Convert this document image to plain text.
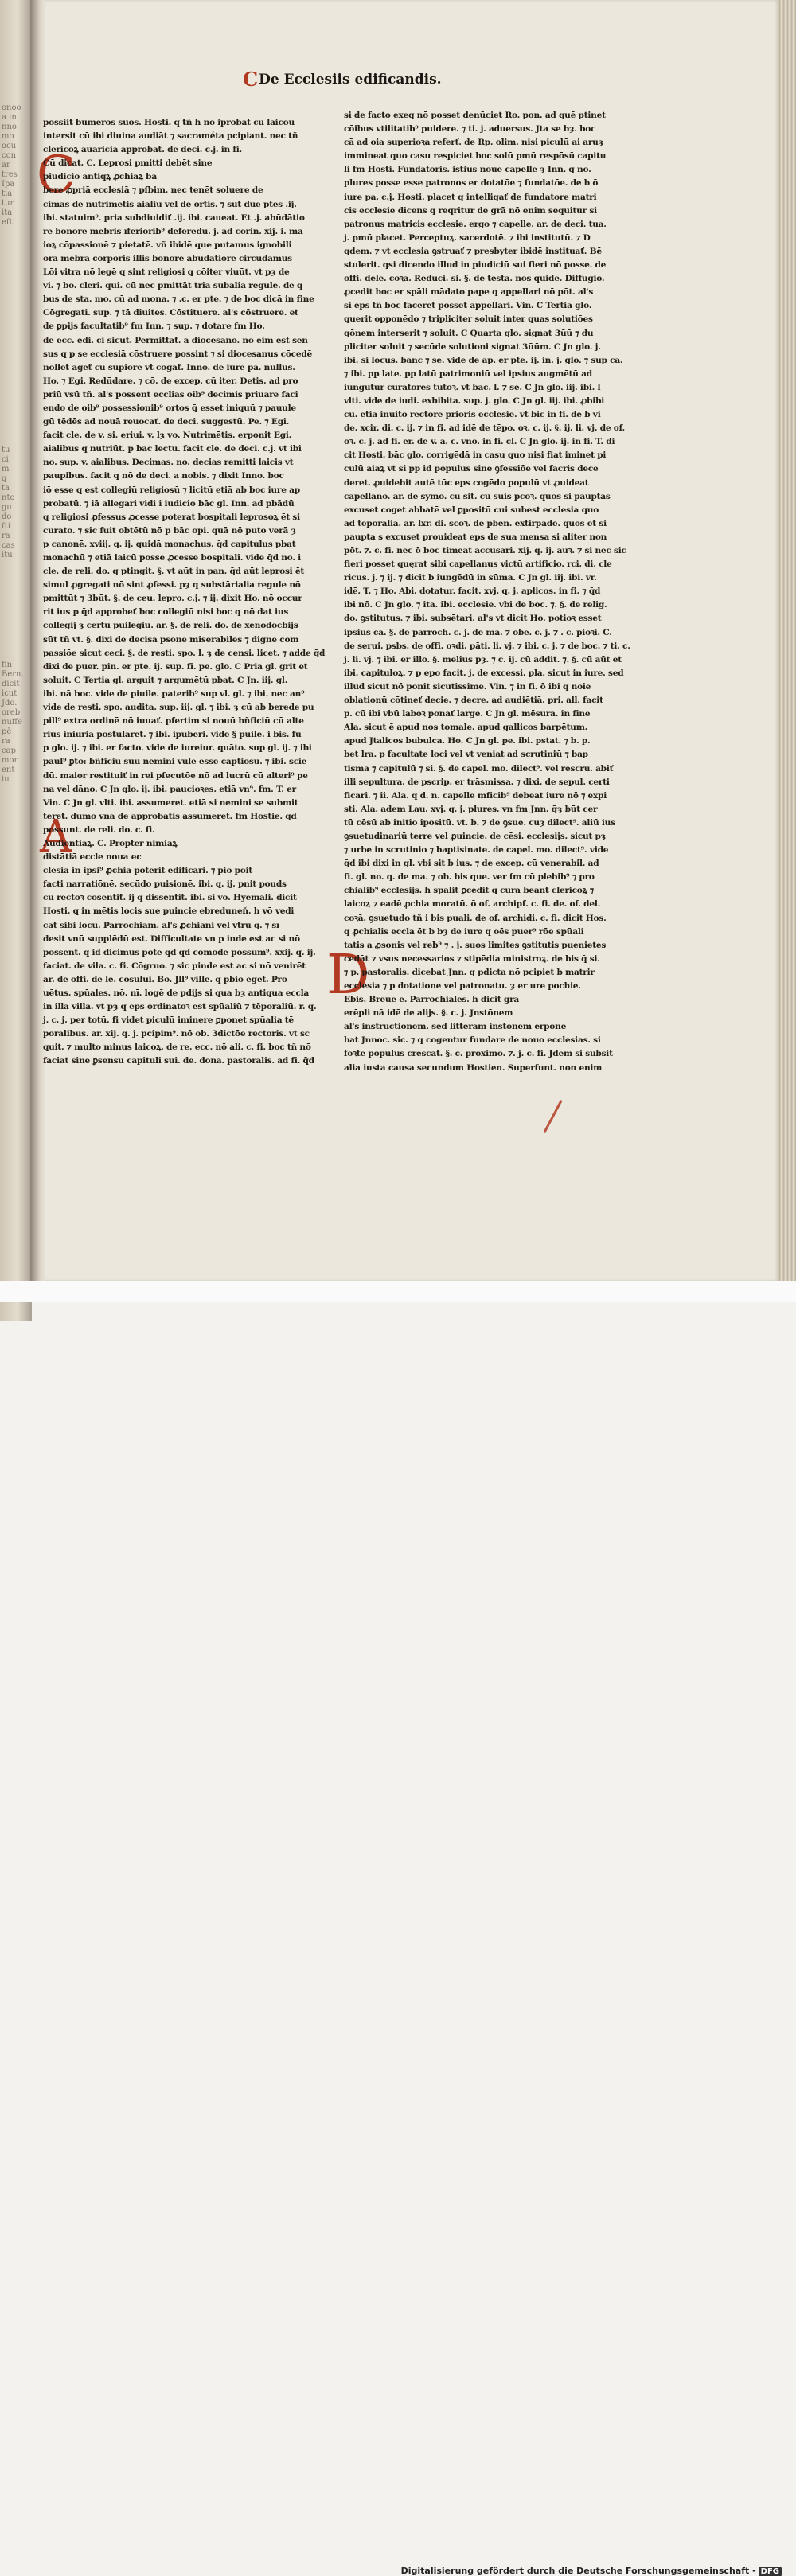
onoo
a in
nno
mo
ocu
con
ar
tres
Ipa
tia
tur
ita
eft
tu
ci
m
q
ta
nto
gu
do
fti
ra
cas
itu
fin
Bern.
dicit
icut
Jdo.
oreb
nuffe
pē
ra
cap
mor
ent
iu
CDe Ecclesiis edificandis.
C
A
D
possiit bumeros suos. Hosti. q tñ h nō iprobat cū laicou
intersit cū ibi diuina audiāt ⁊ sacraméta pcipiant. nec tñ
clericoꝝ auariciā approbat. de deci. c.j. in fi.
Cū dicat. C. Leprosi pmitti debēt sine
piudicio antiqꝝ ꝓchiaꝝ ba
bere ꝓpriā ecclesiā ⁊ pſbim. nec tenēt soluere de
cimas de nutrimētis aialiū vel de ortis. ⁊ sūt due ptes .ij.
ibi. statuim⁹. pria subdiuidiť .ij. ibi. caueat. Et .j. abūdātio
rē bonore mēbris īferiorib⁹ deferēdū. j. ad corin. xij. i. ma
ioꝝ cōpassionē ⁊ pietatē. vñ ibidē que putamus ignobili
ora mēbra corporis illis bonorē abūdātiorē circūdamus
Lōi vitra nō legē q sint religiosi q cōiter viuūt. vt pȝ de
vi. ⁊ bo. cleri. qui. cū nec pmittāt tria subalia regule. de q
bus de sta. mo. cū ad mona. ⁊ .c. er pte. ⁊ de boc dicā in fine
Cōgregati. sup. ⁊ tā diuites. Cōstituere. al's cōstruere. et
de ꝑpijs facultatib⁹ fm Inn. ⁊ sup. ⁊ dotare fm Ho.
de ecc. edi. ci sicut. Permittať. a diocesano. nō eim est sen
sus q p se ecclesiā cōstruere possint ⁊ si diocesanus cōcedē
nollet ageť cū supiore vt cogať. Inno. de iure pa. nullus.
Ho. ⁊ Egi. Redūdare. ⁊ cō. de excep. cū iter. Detis. ad pro
priū vsū tñ. al's possent ecclias oib⁹ decimis priuare faci
endo de oib⁹ possessionib⁹ ortos q̄ esset iniquū ⁊ pauule
gū tēdēs ad nouā reuocať. de deci. suggestū. Pe. ⁊ Egi.
facit cle. de v. si. eriui. v. lȝ vo. Nutrimētis. erponit Egi.
aialibus q nutriūt. p bac lectu. facit cle. de deci. c.j. vt ibi
no. sup. v. aialibus. Decimas. no. decias remitti laicis vt
paupibus. facit q nō de deci. a nobis. ⁊ dixit Inno. boc
iō esse q est collegiū religiosū ⁊ licitū etiā ab boc iure ap
probatū. ⁊ iā allegari vidi i iudicio bāc gl. Inn. ad pbādū
q religiosi ꝓfessus ꝓcesse poterat bospitali leprosoꝝ ēt si
curato. ⁊ sic fuit obtētū nō p bāc opi. quā nō puto verā ȝ
p canonē. xviij. q. ij. quidā monachus. q̄d capitulus pbat
monachū ⁊ etiā laicū posse ꝓcesse bospitali. vide q̄d no. i
cle. de reli. do. q ptingit. §. vt aūt in pan. q̄d aūt leprosi ēt
simul ꝓgregati nō sint ꝓfessi. pȝ q substārialia regule nō
pmittūt ⁊ 3būt. §. de ceu. lepro. c.j. ⁊ ij. dixit Ho. nō occur
rit ius p q̄d approbeť boc collegiū nisi boc q nō dat ius
collegij ȝ certū puilegiū. ar. §. de reli. do. de xenodocbijs
sūt tñ vt. §. dixi de decisa psone miserabiles ⁊ digne com
passiōe sicut ceci. §. de resti. spo. l. ȝ de censi. licet. ⁊ adde q̄d
dixi de puer. pin. er pte. ij. sup. fi. pe. glo. C Pria gl. grit et
soluit. C Tertia gl. arguit ⁊ argumētū pbat. C Jn. iij. gl.
ibi. nā boc. vide de piuile. paterib⁹ sup vl. gl. ⁊ ibi. nec an⁹
vide de resti. spo. audita. sup. iij. gl. ⁊ ibi. ȝ cū ab berede pu
pill⁹ extra ordinē nō iuuať. pſertim si nouū bñficiū cū alte
rius iniuria postularet. ⁊ ibi. ipuberi. vide § puile. i bis. fu
p glo. ij. ⁊ ibi. er facto. vide de iureiur. quāto. sup gl. ij. ⁊ ibi
paul⁹ ꝑto: bñficiū suū nemini vule esse captiosū. ⁊ ibi. sciē
dū. maior restituiť in rei pſecutōe nō ad lucrū cū alteri⁹ pe
na vel dāno. C Jn glo. ij. ibi. paucioꝛes. etiā vn⁹. fm. T. er
Vin. C Jn gl. vlti. ibi. assumeret. etiā si nemini se submit
teret. dūmō vnā de approbatis assumeret. fm Hostie. q̄d
possunt. de reli. do. c. fi.
Audientiaꝝ. C. Propter nimiaꝝ
distātiā eccle noua ec
clesia in ipsi⁹ ꝓchia poterit edificari. ⁊ pio pōit
facti narratiōnē. secūdo puisionē. ibi. q. ij. pnit pouds
cū rectoꝛ cōsentiť. ij q̄ dissentit. ibi. si vo. Hyemali. dicit
Hosti. q in mētis locis sue puincie ebreduneň. h vō vedi
cat sibi locū. Parrochiam. al's ꝓchiani vel vtrū q. ⁊ sī
desit vnū supplēdū est. Difficultate vn p inde est ac si nō
possent. q id dicimus pōte q̄d q̄d cōmode possum⁹. xxij. q. ij.
faciat. de vila. c. fi. Cōgruo. ⁊ sic pinde est ac si nō venirēt
ar. de offi. de le. cōsului. Bo. Jll⁹ ville. q pbiō eget. Pro
uētus. spūales. nō. nī. logē de pdijs si qua bȝ antiqua eccla
in illa villa. vt pȝ q eps ordinatoꝛ est spūaliū ⁊ tēporaliū. r. q.
j. c. j. per totū. fi videt piculū iminere ꝑponet spūalia tē
poralibus. ar. xij. q. j. pcipim⁹. nō ob. 3dictōe rectoris. vt sc
quit. ⁊ multo minus laicoꝝ. de re. ecc. nō ali. c. fi. boc tñ nō
faciat sine ꝑsensu capituli sui. de. dona. pastoralis. ad fi. q̄d
si de facto exeq nō posset denūciet Ro. pon. ad quē ptinet
cōibus vtilitatib⁹ puidere. ⁊ ti. j. aduersus. Jta se bȝ. boc
cā ad oia superioꝛa referť. de Rp. olim. nisi piculū ai aruȝ
immineat quo casu respiciet boc solū pmū respōsū capitu
li fm Hosti. Fundatoris. istius noue capelle ȝ Inn. q no.
plures posse esse patronos er dotatōe ⁊ fundatōe. de b ō
iure pa. c.j. Hosti. placet q intelligať de fundatore matri
cis ecclesie dicens q reqritur de grā nō enim sequitur si
patronus matricis ecclesie. ergo ⁊ capelle. ar. de deci. tua.
j. pmū placet. Perceptuꝝ. sacerdotē. ⁊ ibi institutū. ⁊ D
qdem. ⁊ vt ecclesia ꝯstruať ⁊ presbyter ibidē instituať. Bē
stulerit. qsi dicendo illud in piudiciū sui fieri nō posse. de
offi. dele. coꝛā. Reduci. si. §. de testa. nos quidē. Diffugio.
ꝓcedit boc er spāli mādato pape q appellari nō pōt. al's
si eps tñ boc faceret posset appellari. Vin. C Tertia glo.
querit opponēdo ⁊ tripliciter soluit inter quas solutiōes
qōnem interserit ⁊ soluit. C Quarta glo. signat 3ūū ⁊ du
pliciter soluit ⁊ secūde solutioni signat 3ūūm. C Jn glo. j.
ibi. si locus. banc ⁊ se. vide de ap. er pte. ij. in. j. glo. ⁊ sup ca.
⁊ ibi. pp late. pp latū patrimoniū vel ipsius augmētū ad
iungūtur curatores tutoꝛ. vt bac. l. ⁊ se. C Jn glo. iij. ibi. l
vlti. vide de iudi. exbibita. sup. j. glo. C Jn gl. iij. ibi. ꝓbibi
cū. etiā inuito rectore prioris ecclesie. vt bic in fi. de b vi
de. xcir. di. c. ij. ⁊ in fi. ad idē de tēpo. oꝛ. c. ij. §. ij. li. vj. de of.
oꝛ. c. j. ad fi. er. de v. a. c. vno. in fi. cl. C Jn glo. ij. in fi. T. di
cit Hosti. bāc glo. corrigēdā in casu quo nisi fiat iminet pi
culū aiaꝝ vt si pp id populus sine ꝯfessiōe vel facris dece
deret. ꝓuidebit autē tūc eps cogēdo populū vt ꝓuideat
capellano. ar. de symo. cū sit. cū suis pcoꝛ. quos si pauptas
excuset coget abbatē vel ꝑpositū cui subest ecclesia quo
ad tēporalia. ar. lxr. di. scōꝛ. de pben. extirpāde. quos ēt si
paupta s excuset prouideat eps de sua mensa si aliter non
pōt. ⁊. c. fi. nec ō boc timeat accusari. xij. q. ij. auꝛ. ⁊ si nec sic
fieri posset quęrat sibi capellanus victū artificio. rci. di. cle
ricus. j. ⁊ ij. ⁊ dicit b iungēdū in sūma. C Jn gl. iij. ibi. vr.
idē. T. ⁊ Ho. Abi. dotatur. facit. xvj. q. j. aplicos. in fi. ⁊ q̄d
ibi nō. C Jn glo. ⁊ ita. ibi. ecclesie. vbi de boc. ⁊. §. de relig.
do. ꝯstitutus. ⁊ ibi. subsētari. al's vt dicit Ho. potioꝛ esset
ipsius cā. §. de parroch. c. j. de ma. ⁊ obe. c. j. ⁊ . c. pioꝛi. C.
de serui. psbs. de offi. oꝛdi. pāti. li. vj. ⁊ ibi. c. j. ⁊ de boc. ⁊ ti. c.
j. li. vj. ⁊ ibi. er illo. §. melius pȝ. ⁊ c. ij. cū addit. ⁊. §. cū aūt et
ibi. capituloꝝ. ⁊ p epo facit. j. de excessi. pla. sicut in iure. sed
illud sicut nō ponit sicutissime. Vin. ⁊ in fi. ō ibi q noie
oblationū cōtineť decie. ⁊ decre. ad audiētiā. pri. all. facit
p. cū ibi vbū laboꝛ ponať large. C Jn gl. mēsura. in fine
Ala. sicut ē apud nos tomale. apud gallicos barpētum.
apud Jtalicos bubulca. Ho. C Jn gl. pe. ibi. pstat. ⁊ b. p.
bet lra. p facultate loci vel vt veniat ad scrutiniū ⁊ bap
tisma ⁊ capitulū ⁊ si. §. de capel. mo. dilect⁹. vel rescru. abiť
illi sepultura. de pscrip. er trāsmissa. ⁊ dixi. de sepul. certi
ficari. ⁊ ii. Ala. q d. n. capelle mficib⁹ debeat iure nō ⁊ expi
sti. Ala. adem Lau. xvj. q. j. plures. vn fm Jnn. q̄ȝ būt cer
tū cēsū ab initio ipositū. vt. b. ⁊ de ꝯsue. cuȝ dilect⁹. aliū ius
ꝯsuetudinariū terre vel ꝓuincie. de cēsi. ecclesijs. sicut pȝ
⁊ urbe in scrutinio ⁊ baptisinate. de capel. mo. dilect⁹. vide
q̄d ibi dixi in gl. vbi sit b ius. ⁊ de excep. cū venerabil. ad
fi. gl. no. q. de ma. ⁊ ob. bis que. ver fm cū plebib⁹ ⁊ pro
chialib⁹ ecclesijs. h spālit ꝑcedit q cura bēant clericoꝝ ⁊
laicoꝝ ⁊ eadē ꝓchia moratū. ō of. archipſ. c. fi. de. of. del.
coꝛā. ꝯsuetudo tñ i bis puali. de of. archidi. c. fi. dicit Hos.
q ꝓchialis eccla ēt b bȝ de iure q oēs puer⁹ rōe spūali
tatis a ꝓsonis vel reb⁹ ⁊ . j. suos limites ꝯstitutis puenietes
cedāt ⁊ vsus necessarios ⁊ stipēdia ministroꝝ. de bis q̄ si.
⁊ p. pastoralis. dicebat Jnn. q pdicta nō pcipiet b matrir
ecclesia ⁊ p dotatione vel patronatu. ȝ er ure pochie.
Ebis. Breue ē. Parrochiales. h dicit gra
erēpli nā idē de alijs. §. c. j. Jnstōnem
al's instructionem. sed litteram instōnem erpone
bat Jnnoc. sic. ⁊ q cogentur fundare de nouo ecclesias. si
foꝛte populus crescat. §. c. proximo. ⁊. j. c. fi. Jdem si subsit
alia iusta causa secundum Hostien. Superfunt. non enim
Digitalisierung gefördert durch die Deutsche Forschungsgemeinschaft - DFG
